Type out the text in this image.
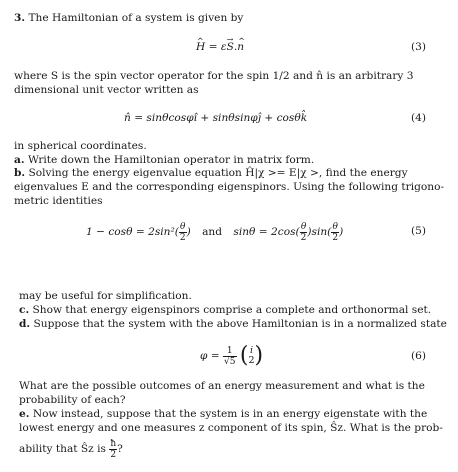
3. The Hamiltonian of a system is given by
^ H = ε→ S.^ n	(3)
where S is the spin vector operator for the spin 1/2 and n̂ is an arbitrary 3
dimensional unit vector written as
n̂ = sinθcosφî + sinθsinφĵ + cosθk̂	(4)
in spherical coordinates.
a. Write down the Hamiltonian operator in matrix form.
b. Solving the energy eigenvalue equation Ĥ|χ >= E|χ >, find the energy
eigenvalues E and the corresponding eigenspinors. Using the following trigono-
metric identities
$1 - \cos\theta = 2\sin^2( \frac{\theta}{2}$ ) and $\sin\theta = 2\cos( \frac{\theta}{2} )\sin( \frac{\theta}{2}$ )	(5)
may be useful for simplification.
c. Show that energy eigenspinors comprise a complete and orthonormal set.
d. Suppose that the system with the above Hamiltonian is in a normalized state
$\varphi = \frac{1}{√5}$ ( i
2 )	(6)
What are the possible outcomes of an energy measurement and what is the
probability of each?
e. Now instead, suppose that the system is in an energy eigenstate with the
lowest energy and one measures z component of its spin, Ŝz. What is the prob-
ability that Ŝz is $\frac{ħ}{2}$ ?
